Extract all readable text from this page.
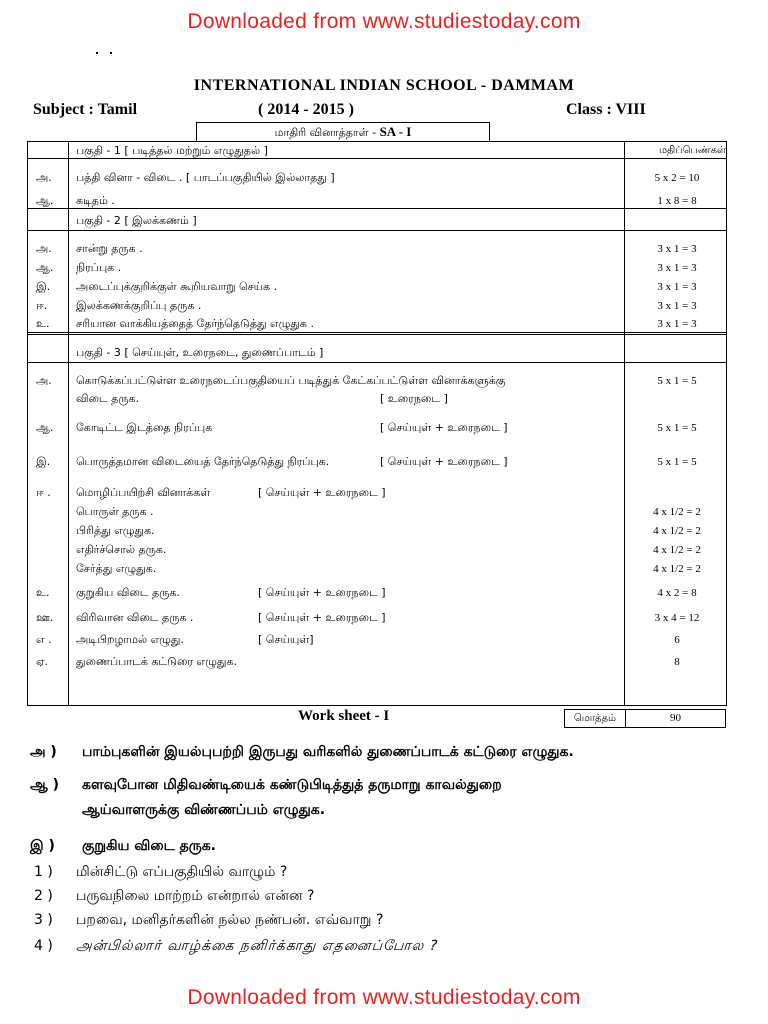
Downloaded from www.studiestoday.com
INTERNATIONAL INDIAN SCHOOL - DAMMAM
Subject : Tamil	( 2014 - 2015 )	Class : VIII
மாதிரி வினாத்தாள் - SA - I
பகுதி - 1 [ படித்தல் மற்றும் எழுதுதல் ]	மதிப்பெண்கள்
அ.	பத்தி வினா - விடை . [ பாடப்பகுதியில் இல்லாதது ]	5 x 2 = 10
ஆ.	கடிதம் .	1 x 8 = 8
பகுதி - 2 [ இலக்கணம் ]
அ.	சான்று தருக .	3 x 1 = 3
ஆ.	நிரப்புக .	3 x 1 = 3
இ.	அடைப்புக்குறிக்குள் கூறியவாறு செய்க .	3 x 1 = 3
ஈ.	இலக்கணக்குறிப்பு தருக .	3 x 1 = 3
உ.	சரியான வாக்கியத்தைத் தேர்ந்தெடுத்து எழுதுக .	3 x 1 = 3
பகுதி - 3 [ செய்யுள், உரைநடை, துணைப்பாடம் ]
அ.	கொடுக்கப்பட்டுள்ள உரைநடைப்பகுதியைப் படித்துக் கேட்கப்பட்டுள்ள வினாக்களுக்கு	5 x 1 = 5
விடை தருக.	[ உரைநடை ]
ஆ.	கோடிட்ட இடத்தை நிரப்புக	[ செய்யுள் + உரைநடை ]	5 x 1 = 5
இ.	பொருத்தமான விடையைத் தேர்ந்தெடுத்து நிரப்புக.	[ செய்யுள் + உரைநடை ]	5 x 1 = 5
ஈ .	மொழிப்பயிற்சி வினாக்கள்	[ செய்யுள் + உரைநடை ]
பொருள் தருக .	4 x 1/2 = 2
பிரித்து எழுதுக.	4 x 1/2 = 2
எதிர்ச்சொல் தருக.	4 x 1/2 = 2
சேர்த்து எழுதுக.	4 x 1/2 = 2
உ.	குறுகிய விடை தருக.	[ செய்யுள் + உரைநடை ]	4 x 2 = 8
ஊ.	விரிவான விடை தருக .	[ செய்யுள் + உரைநடை ]	3 x 4 = 12
எ .	அடிபிறழாமல் எழுது.	[ செய்யுள்]	6
ஏ.	துணைப்பாடக் கட்டுரை எழுதுக.	8
Work sheet - I	மொத்தம்	90
அ ) பாம்புகளின் இயல்புபற்றி இருபது வரிகளில் துணைப்பாடக் கட்டுரை எழுதுக.
ஆ ) களவுபோன மிதிவண்டியைக் கண்டுபிடித்துத் தருமாறு காவல்துறை
ஆய்வாளருக்கு விண்ணப்பம் எழுதுக.
இ ) குறுகிய விடை தருக.
1 ) மின்சிட்டு எப்பகுதியில் வாழும் ?
2 ) பருவநிலை மாற்றம் என்றால் என்ன ?
3 ) பறவை, மனிதர்களின் நல்ல நண்பன். எவ்வாறு ?
4 ) அன்பில்லார் வாழ்க்கை நனிர்க்காது எதனைப்போல ?
Downloaded from www.studiestoday.com
